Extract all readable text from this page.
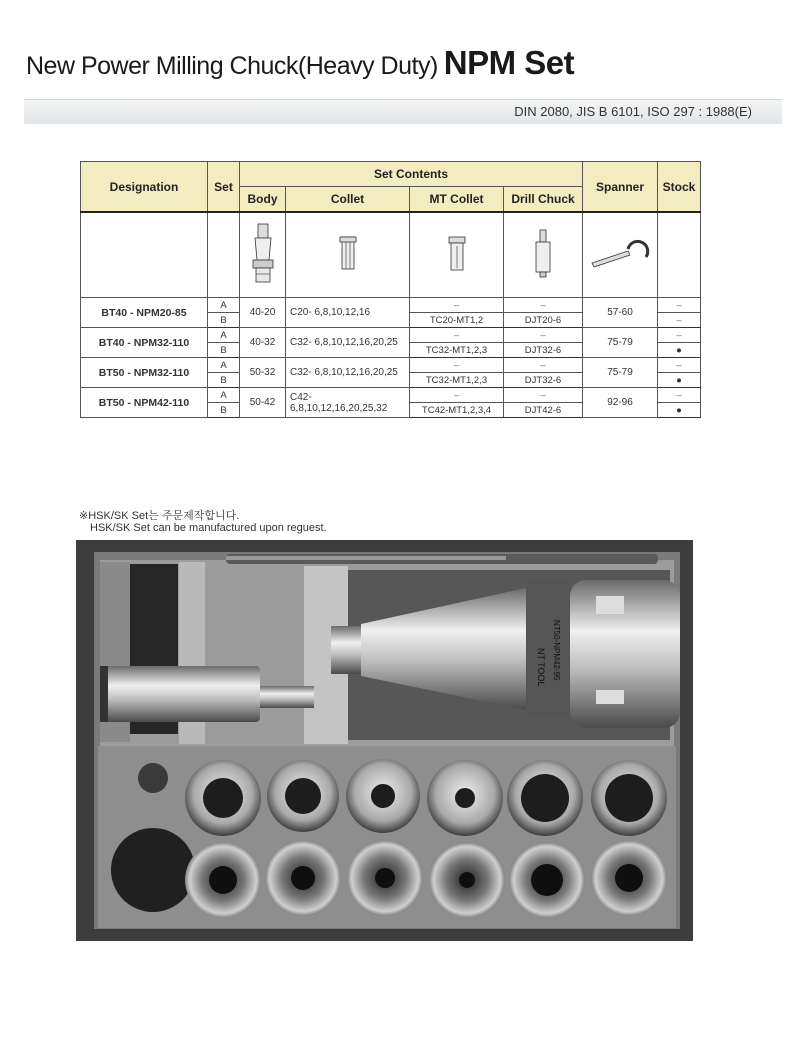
New Power Milling Chuck(Heavy Duty) NPM Set
DIN 2080, JIS B 6101, ISO 297 : 1988(E)
Designation	Set	Set Contents				Spanner	Stock
		Body	Collet	MT Collet	Drill Chuck		

BT40 - NPM20-85	A	40-20	C20- 6,8,10,12,16	–	–	57-60	–
	B			TC20-MT1,2	DJT20-6		–
BT40 - NPM32-110	A	40-32	C32- 6,8,10,12,16,20,25	–	–	75-79	–
	B			TC32-MT1,2,3	DJT32-6		●
BT50 - NPM32-110	A	50-32	C32- 6,8,10,12,16,20,25	–	–	75-79	–
	B			TC32-MT1,2,3	DJT32-6		●
BT50 - NPM42-110	A	50-42	C42- 6,8,10,12,16,20,25,32	–	–	92-96	–
	B			TC42-MT1,2,3,4	DJT42-6		●
※HSK/SK Set는 주문제작합니다.
HSK/SK Set can be manufactured upon reguest.
NT TOOL NT50-NPM42-95
